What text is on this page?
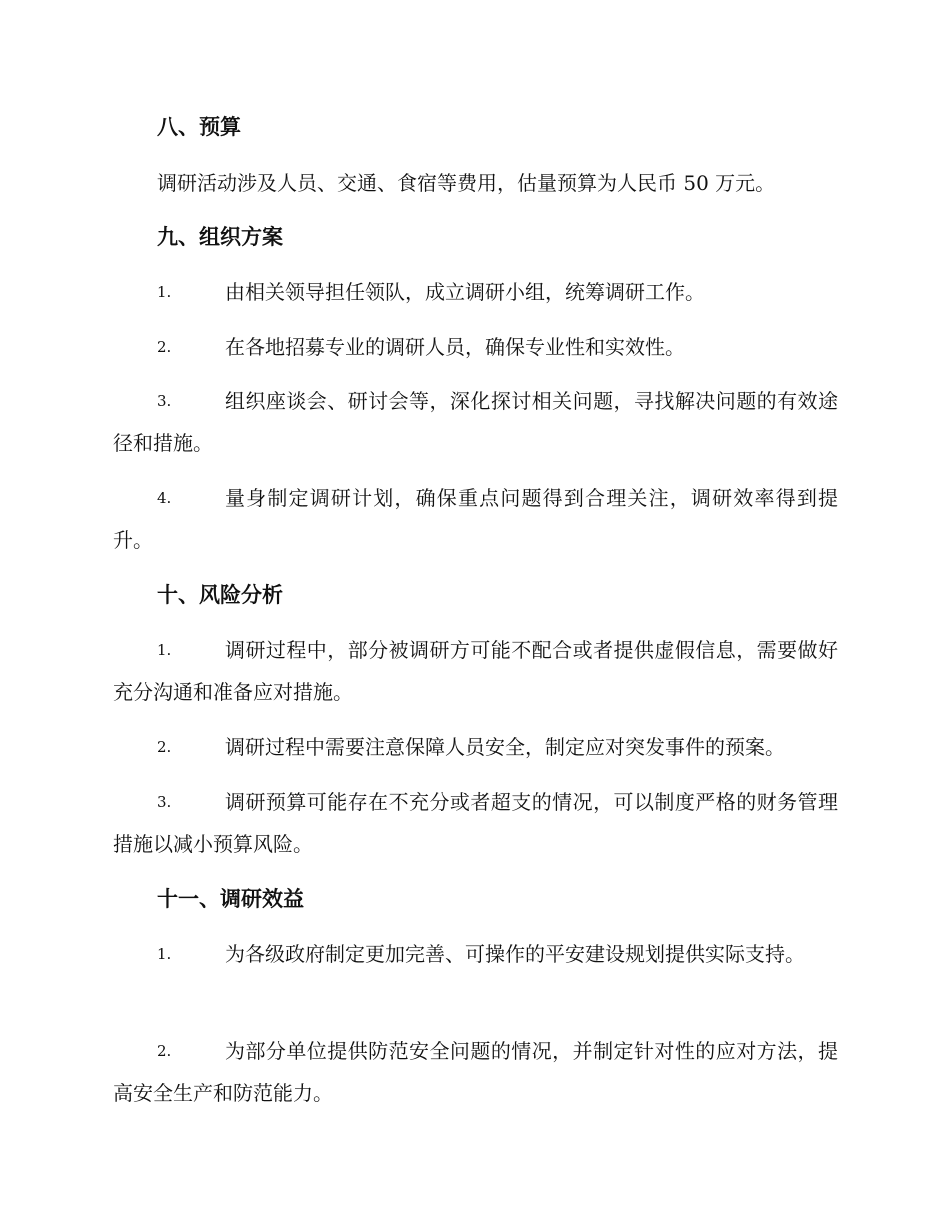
八、预算
调研活动涉及人员、交通、食宿等费用，估量预算为人民币 50 万元。
九、组织方案
1.	由相关领导担任领队，成立调研小组，统筹调研工作。
2.	在各地招募专业的调研人员，确保专业性和实效性。
3.	组织座谈会、研讨会等，深化探讨相关问题，寻找解决问题的有效途径和措施。
4.	量身制定调研计划，确保重点问题得到合理关注，调研效率得到提升。
十、风险分析
1.	调研过程中，部分被调研方可能不配合或者提供虚假信息，需要做好充分沟通和准备应对措施。
2.	调研过程中需要注意保障人员安全，制定应对突发事件的预案。
3.	调研预算可能存在不充分或者超支的情况，可以制度严格的财务管理措施以减小预算风险。
十一、调研效益
1.	为各级政府制定更加完善、可操作的平安建设规划提供实际支持。
2.	为部分单位提供防范安全问题的情况，并制定针对性的应对方法，提高安全生产和防范能力。
